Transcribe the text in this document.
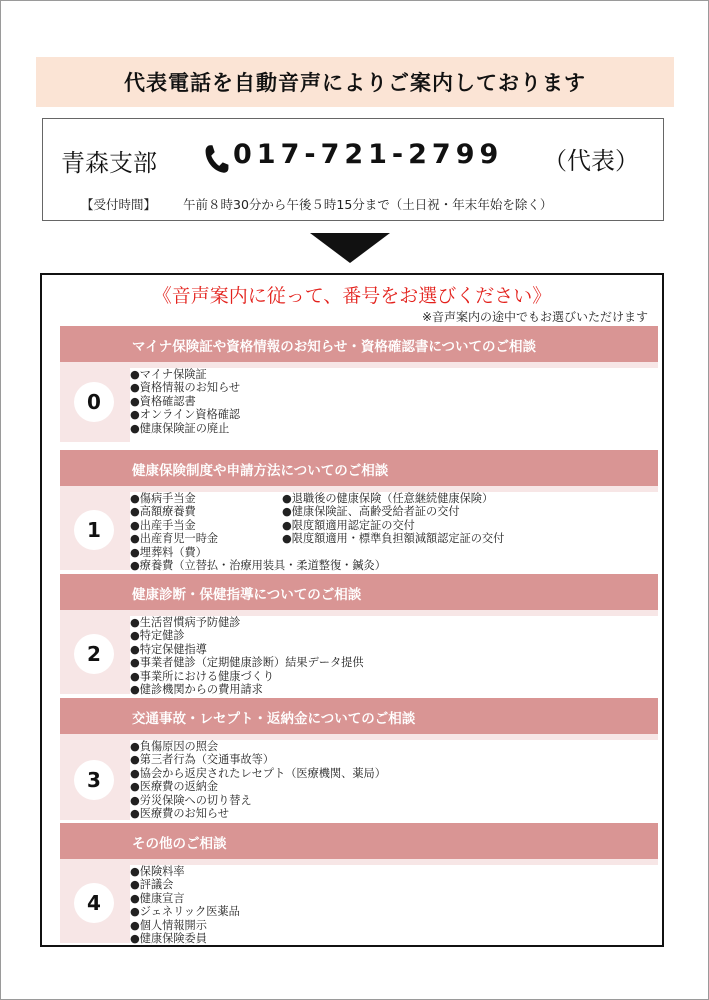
代表電話を自動音声によりご案内しております
青森支部	017-721-2799 （代表）
【受付時間】 午前８時30分から午後５時15分まで（土日祝・年末年始を除く）
《音声案内に従って、番号をお選びください》
※音声案内の途中でもお選びいただけます
マイナ保険証や資格情報のお知らせ・資格確認書についてのご相談
0
●マイナ保険証
●資格情報のお知らせ
●資格確認書
●オンライン資格確認
●健康保険証の廃止
健康保険制度や申請方法についてのご相談
1
●傷病手当金
●高額療養費
●出産手当金
●出産育児一時金
●埋葬料（費）
●療養費（立替払・治療用装具・柔道整復・鍼灸）
●退職後の健康保険（任意継続健康保険）
●健康保険証、高齢受給者証の交付
●限度額適用認定証の交付
●限度額適用・標準負担額減額認定証の交付
健康診断・保健指導についてのご相談
2
●生活習慣病予防健診
●特定健診
●特定保健指導
●事業者健診（定期健康診断）結果データ提供
●事業所における健康づくり
●健診機関からの費用請求
交通事故・レセプト・返納金についてのご相談
3
●負傷原因の照会
●第三者行為（交通事故等）
●協会から返戻されたレセプト（医療機関、薬局）
●医療費の返納金
●労災保険への切り替え
●医療費のお知らせ
その他のご相談
4
●保険料率
●評議会
●健康宣言
●ジェネリック医薬品
●個人情報開示
●健康保険委員
